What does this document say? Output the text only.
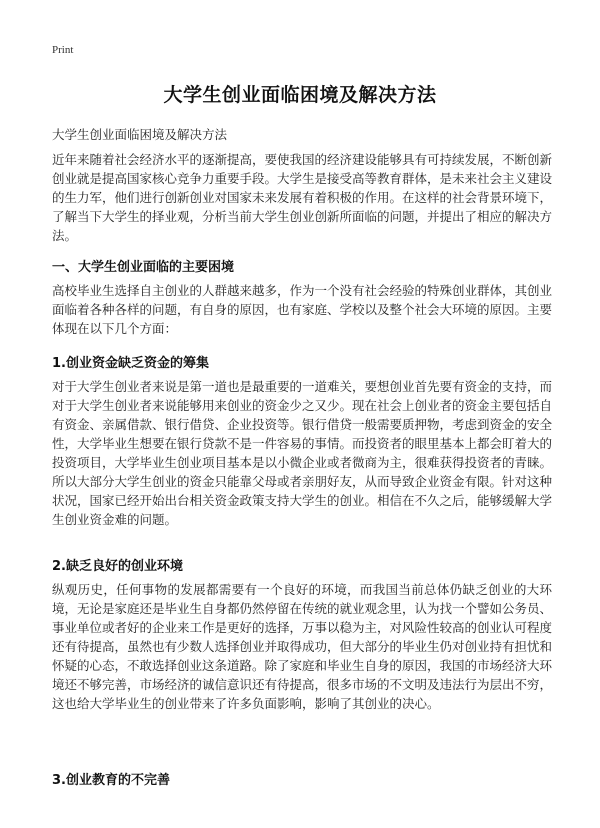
Print
大学生创业面临困境及解决方法
大学生创业面临困境及解决方法

近年来随着社会经济水平的逐渐提高，要使我国的经济建设能够具有可持续发展，不断创新创业就是提高国家核心竞争力重要手段。大学生是接受高等教育群体，是未来社会主义建设的生力军，他们进行创新创业对国家未来发展有着积极的作用。在这样的社会背景环境下，了解当下大学生的择业观，分析当前大学生创业创新所面临的问题，并提出了相应的解决方法。

一、大学生创业面临的主要困境

高校毕业生选择自主创业的人群越来越多，作为一个没有社会经验的特殊创业群体，其创业面临着各种各样的问题，有自身的原因，也有家庭、学校以及整个社会大环境的原因。主要体现在以下几个方面：

1.创业资金缺乏资金的筹集

对于大学生创业者来说是第一道也是最重要的一道难关，要想创业首先要有资金的支持，而对于大学生创业者来说能够用来创业的资金少之又少。现在社会上创业者的资金主要包括自有资金、亲属借款、银行借贷、企业投资等。银行借贷一般需要质押物，考虑到资金的安全性，大学毕业生想要在银行贷款不是一件容易的事情。而投资者的眼里基本上都会盯着大的投资项目，大学毕业生创业项目基本是以小微企业或者微商为主，很难获得投资者的青睐。所以大部分大学生创业的资金只能靠父母或者亲朋好友，从而导致企业资金有限。针对这种状况，国家已经开始出台相关资金政策支持大学生的创业。相信在不久之后，能够缓解大学生创业资金难的问题。

2.缺乏良好的创业环境

纵观历史，任何事物的发展都需要有一个良好的环境，而我国当前总体仍缺乏创业的大环境，无论是家庭还是毕业生自身都仍然停留在传统的就业观念里，认为找一个譬如公务员、事业单位或者好的企业来工作是更好的选择，万事以稳为主，对风险性较高的创业认可程度还有待提高，虽然也有少数人选择创业并取得成功，但大部分的毕业生仍对创业持有担忧和怀疑的心态，不敢选择创业这条道路。除了家庭和毕业生自身的原因，我国的市场经济大环境还不够完善，市场经济的诚信意识还有待提高，很多市场的不文明及违法行为层出不穷，这也给大学毕业生的创业带来了许多负面影响，影响了其创业的决心。

3.创业教育的不完善
